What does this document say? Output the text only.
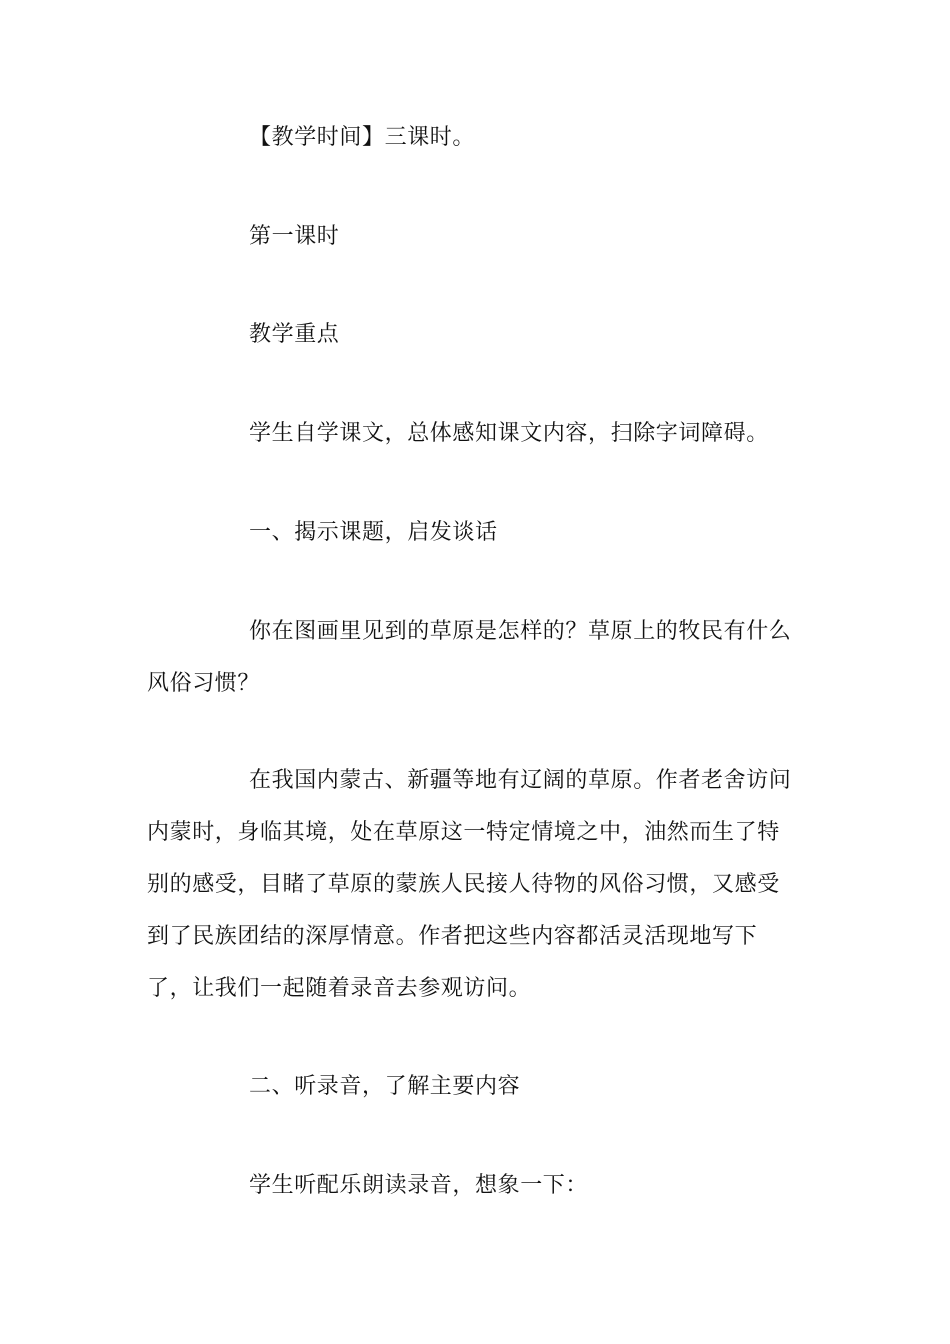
【教学时间】三课时。

第一课时

教学重点

学生自学课文，总体感知课文内容，扫除字词障碍。

一、揭示课题，启发谈话

你在图画里见到的草原是怎样的？草原上的牧民有什么风俗习惯？

在我国内蒙古、新疆等地有辽阔的草原。作者老舍访问内蒙时，身临其境，处在草原这一特定情境之中，油然而生了特别的感受，目睹了草原的蒙族人民接人待物的风俗习惯，又感受到了民族团结的深厚情意。作者把这些内容都活灵活现地写下了，让我们一起随着录音去参观访问。

二、听录音，了解主要内容

学生听配乐朗读录音，想象一下：
